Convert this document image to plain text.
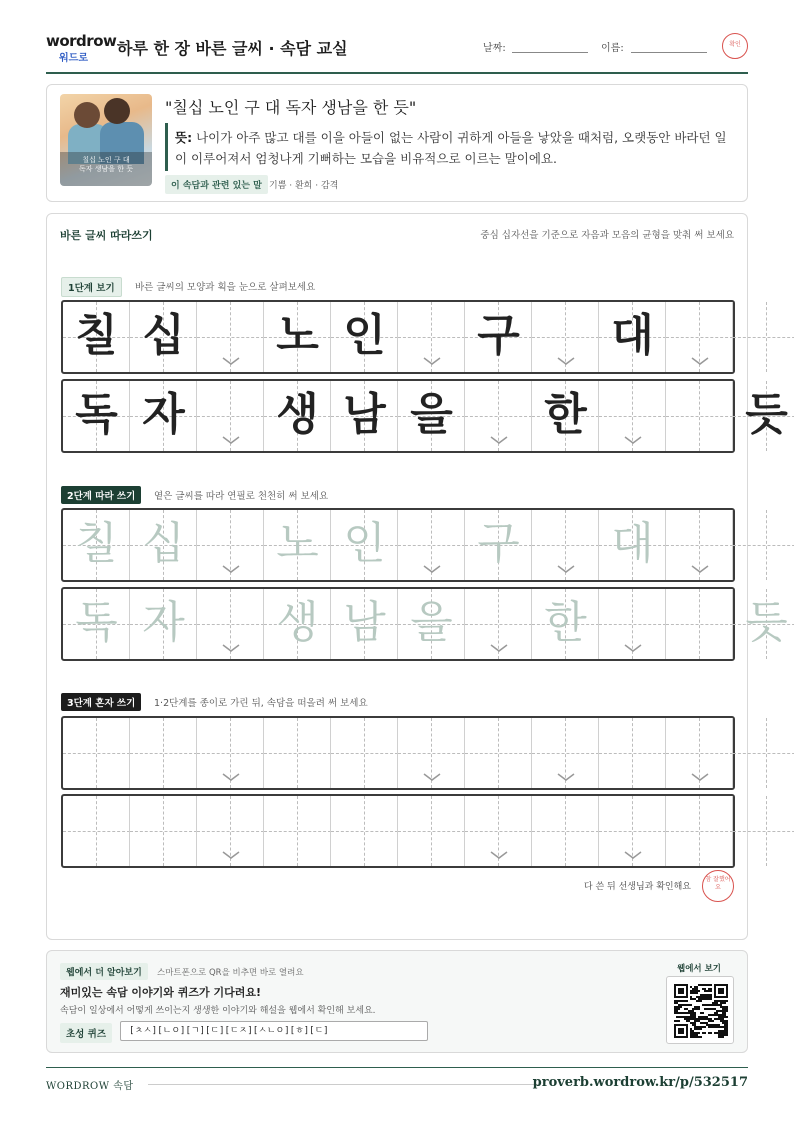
wordrow
워드로
하루 한 장 바른 글씨 · 속담 교실	날짜:	이름:	확인
칠십 노인 구 대
독자 생남을 한 듯
"칠십 노인 구 대 독자 생남을 한 듯"
뜻: 나이가 아주 많고 대를 이을 아들이 없는 사람이 귀하게 아들을 낳았을 때처럼, 오랫동안 바라던 일이 이루어져서 엄청나게 기뻐하는 모습을 비유적으로 이르는 말이에요.
이 속담과 관련 있는 말 기쁨 · 환희 · 감격
바른 글씨 따라쓰기	중심 십자선을 기준으로 자음과 모음의 균형을 맞춰 써 보세요
1단계 보기	바른 글씨의 모양과 획을 눈으로 살펴보세요
칠 십 노 인 구 대
독 자 생 남 을 한	듯
2단계 따라 쓰기	옅은 글씨를 따라 연필로 천천히 써 보세요
칠 십 노 인 구 대
독 자 생 남 을 한	듯
3단계 혼자 쓰기	1·2단계를 종이로 가린 뒤, 속담을 떠올려 써 보세요
다 쓴 뒤 선생님과 확인해요
참 잘했어요
웹에서 더 알아보기	스마트폰으로 QR을 비추면 바로 열려요
재미있는 속담 이야기와 퀴즈가 기다려요!
속담이 일상에서 어떻게 쓰이는지 생생한 이야기와 해설을 웹에서 확인해 보세요.
초성 퀴즈	[ㅊㅅ][ㄴㅇ][ㄱ][ㄷ][ㄷㅈ][ㅅㄴㅇ][ㅎ][ㄷ]
웹에서 보기
WORDROW 속담	proverb.wordrow.kr/p/532517
